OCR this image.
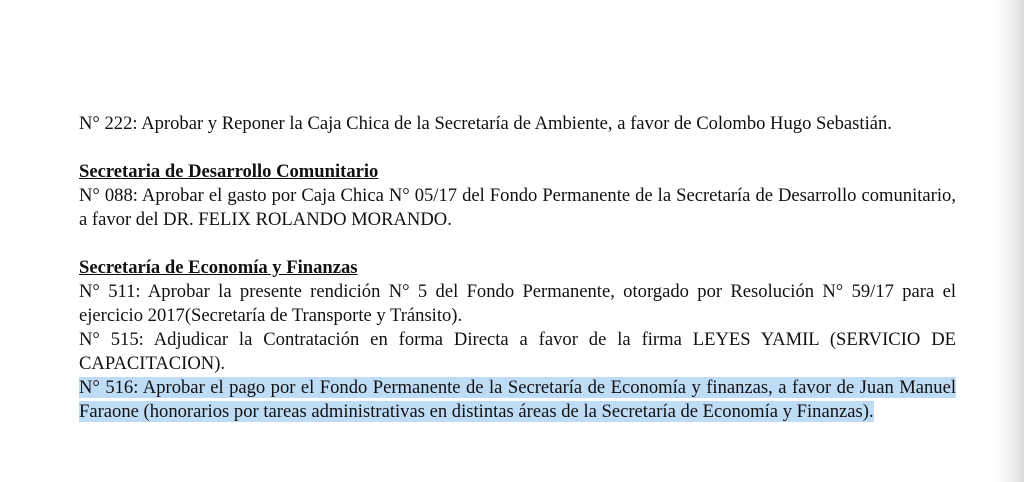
N° 222: Aprobar y Reponer la Caja Chica de la Secretaría de Ambiente, a favor de Colombo Hugo Sebastián.

Secretaria de Desarrollo Comunitario

N° 088: Aprobar el gasto por Caja Chica N° 05/17 del Fondo Permanente de la Secretaría de Desarrollo comunitario, a favor del DR. FELIX ROLANDO MORANDO.

Secretaría de Economía y Finanzas

N° 511: Aprobar la presente rendición N° 5 del Fondo Permanente, otorgado por Resolución N° 59/17 para el ejercicio 2017(Secretaría de Transporte y Tránsito).

N° 515: Adjudicar la Contratación en forma Directa a favor de la firma LEYES YAMIL (SERVICIO DE CAPACITACION).

N° 516: Aprobar el pago por el Fondo Permanente de la Secretaría de Economía y finanzas, a favor de Juan Manuel Faraone (honorarios por tareas administrativas en distintas áreas de la Secretaría de Economía y Finanzas).
